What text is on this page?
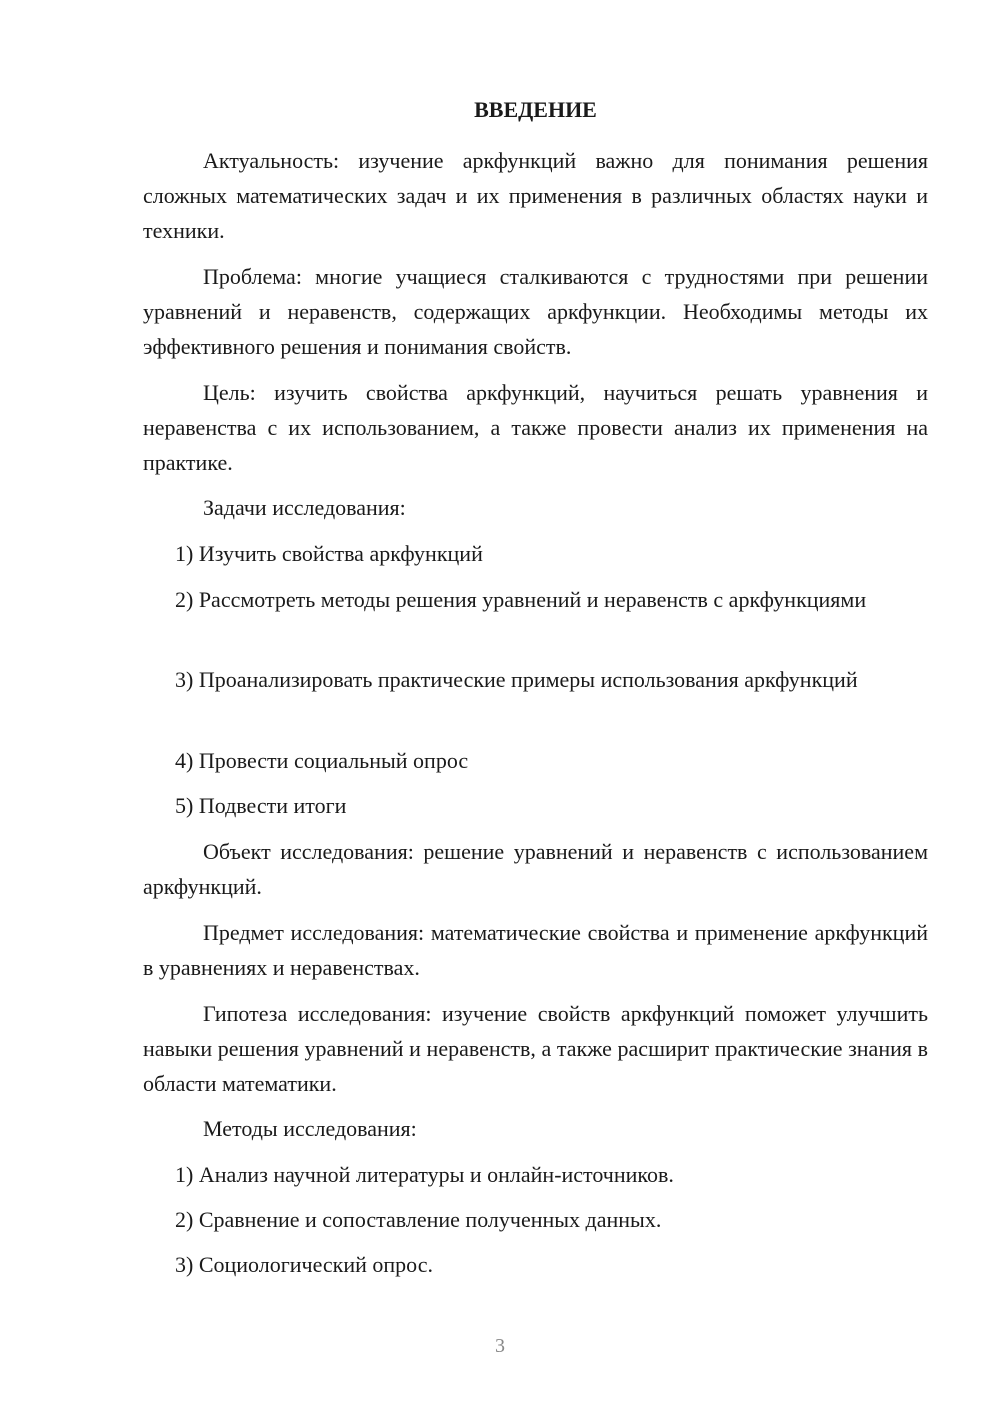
ВВЕДЕНИЕ

Актуальность: изучение аркфункций важно для понимания решения сложных математических задач и их применения в различных областях науки и техники.

Проблема: многие учащиеся сталкиваются с трудностями при решении уравнений и неравенств, содержащих аркфункции. Необходимы методы их эффективного решения и понимания свойств.

Цель: изучить свойства аркфункций, научиться решать уравнения и неравенства с их использованием, а также провести анализ их применения на практике.

Задачи исследования:

1) Изучить свойства аркфункций

2) Рассмотреть методы решения уравнений и неравенств с аркфункциями

3) Проанализировать практические примеры использования аркфункций

4) Провести социальный опрос

5) Подвести итоги

Объект исследования: решение уравнений и неравенств с использованием аркфункций.

Предмет исследования: математические свойства и применение аркфункций в уравнениях и неравенствах.

Гипотеза исследования: изучение свойств аркфункций поможет улучшить навыки решения уравнений и неравенств, а также расширит практические знания в области математики.

Методы исследования:

1) Анализ научной литературы и онлайн-источников.

2) Сравнение и сопоставление полученных данных.

3) Социологический опрос.

3
